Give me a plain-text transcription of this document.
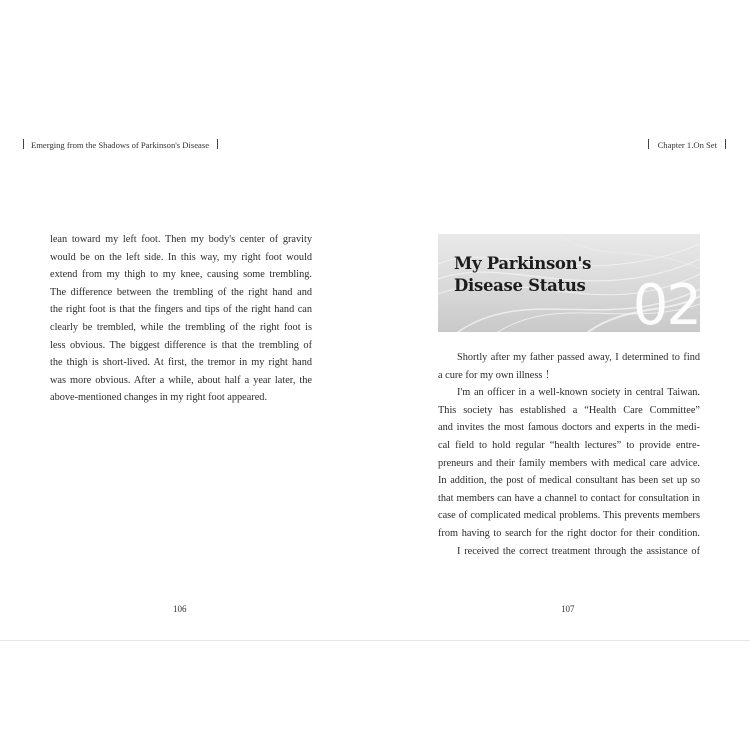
Emerging from the Shadows of Parkinson's Disease
lean toward my left foot. Then my body's center of gravity
would be on the left side. In this way, my right foot would
extend from my thigh to my knee, causing some trembling.
The difference between the trembling of the right hand and
the right foot is that the fingers and tips of the right hand can
clearly be trembled, while the trembling of the right foot is
less obvious. The biggest difference is that the trembling of
the thigh is short-lived. At first, the tremor in my right hand
was more obvious. After a while, about half a year later, the
above-mentioned changes in my right foot appeared.
106
Chapter 1.On Set
My Parkinson's
Disease Status 02
Shortly after my father passed away, I determined to find
a cure for my own illness ！
I'm an officer in a well-known society in central Taiwan.
This society has established a “Health Care Committee”
and invites the most famous doctors and experts in the medi-
cal field to hold regular “health lectures” to provide entre-
preneurs and their family members with medical care advice.
In addition, the post of medical consultant has been set up so
that members can have a channel to contact for consultation in
case of complicated medical problems. This prevents members
from having to search for the right doctor for their condition.
I received the correct treatment through the assistance of
107
